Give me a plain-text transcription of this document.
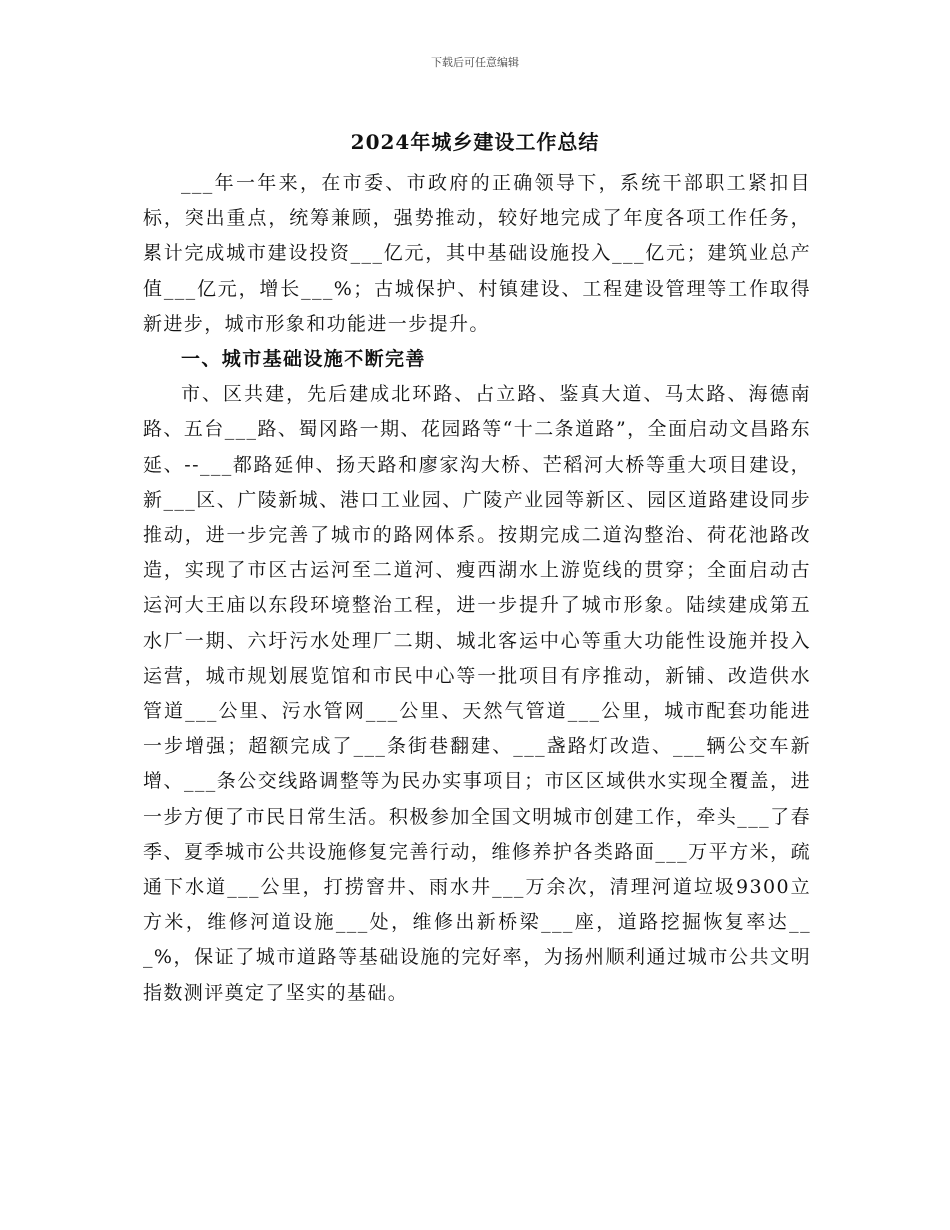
下载后可任意编辑
2024年城乡建设工作总结

___年一年来，在市委、市政府的正确领导下，系统干部职工紧扣目标，突出重点，统筹兼顾，强势推动，较好地完成了年度各项工作任务，累计完成城市建设投资___亿元，其中基础设施投入___亿元；建筑业总产值___亿元，增长___%；古城保护、村镇建设、工程建设管理等工作取得新进步，城市形象和功能进一步提升。

一、城市基础设施不断完善

市、区共建，先后建成北环路、占立路、鉴真大道、马太路、海德南路、五台___路、蜀冈路一期、花园路等“十二条道路”，全面启动文昌路东延、--___都路延伸、扬天路和廖家沟大桥、芒稻河大桥等重大项目建设，新___区、广陵新城、港口工业园、广陵产业园等新区、园区道路建设同步推动，进一步完善了城市的路网体系。按期完成二道沟整治、荷花池路改造，实现了市区古运河至二道河、瘦西湖水上游览线的贯穿；全面启动古运河大王庙以东段环境整治工程，进一步提升了城市形象。陆续建成第五水厂一期、六圩污水处理厂二期、城北客运中心等重大功能性设施并投入运营，城市规划展览馆和市民中心等一批项目有序推动，新铺、改造供水管道___公里、污水管网___公里、天然气管道___公里，城市配套功能进一步增强；超额完成了___条街巷翻建、___盏路灯改造、___辆公交车新增、___条公交线路调整等为民办实事项目；市区区域供水实现全覆盖，进一步方便了市民日常生活。积极参加全国文明城市创建工作，牵头___了春季、夏季城市公共设施修复完善行动，维修养护各类路面___万平方米，疏通下水道___公里，打捞窨井、雨水井___万余次，清理河道垃圾9300立方米，维修河道设施___处，维修出新桥梁___座，道路挖掘恢复率达___%，保证了城市道路等基础设施的完好率，为扬州顺利通过城市公共文明指数测评奠定了坚实的基础。
